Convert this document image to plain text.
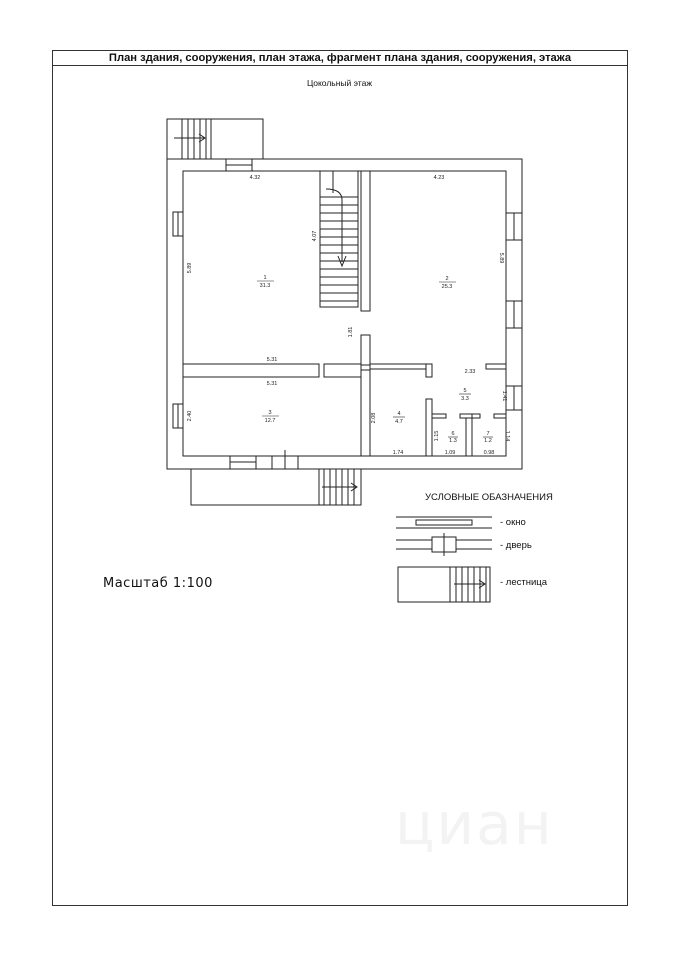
План здания, сооружения, план этажа, фрагмент плана здания, сооружения, этажа
Цокольный этаж
циан
1
31.3
2
25.3
3
12.7
4
4.7
5
3.3
6
1.3
7
1.2
4.32	4.23
5.31
5.31
2.33
1.74	1.09	0.98
4.07
5.89
5.89
1.81
2.40	2.08
1.41
1.15	1.14
УСЛОВНЫЕ ОБАЗНАЧЕНИЯ
- окно
- дверь
- лестница
Масштаб 1:100
